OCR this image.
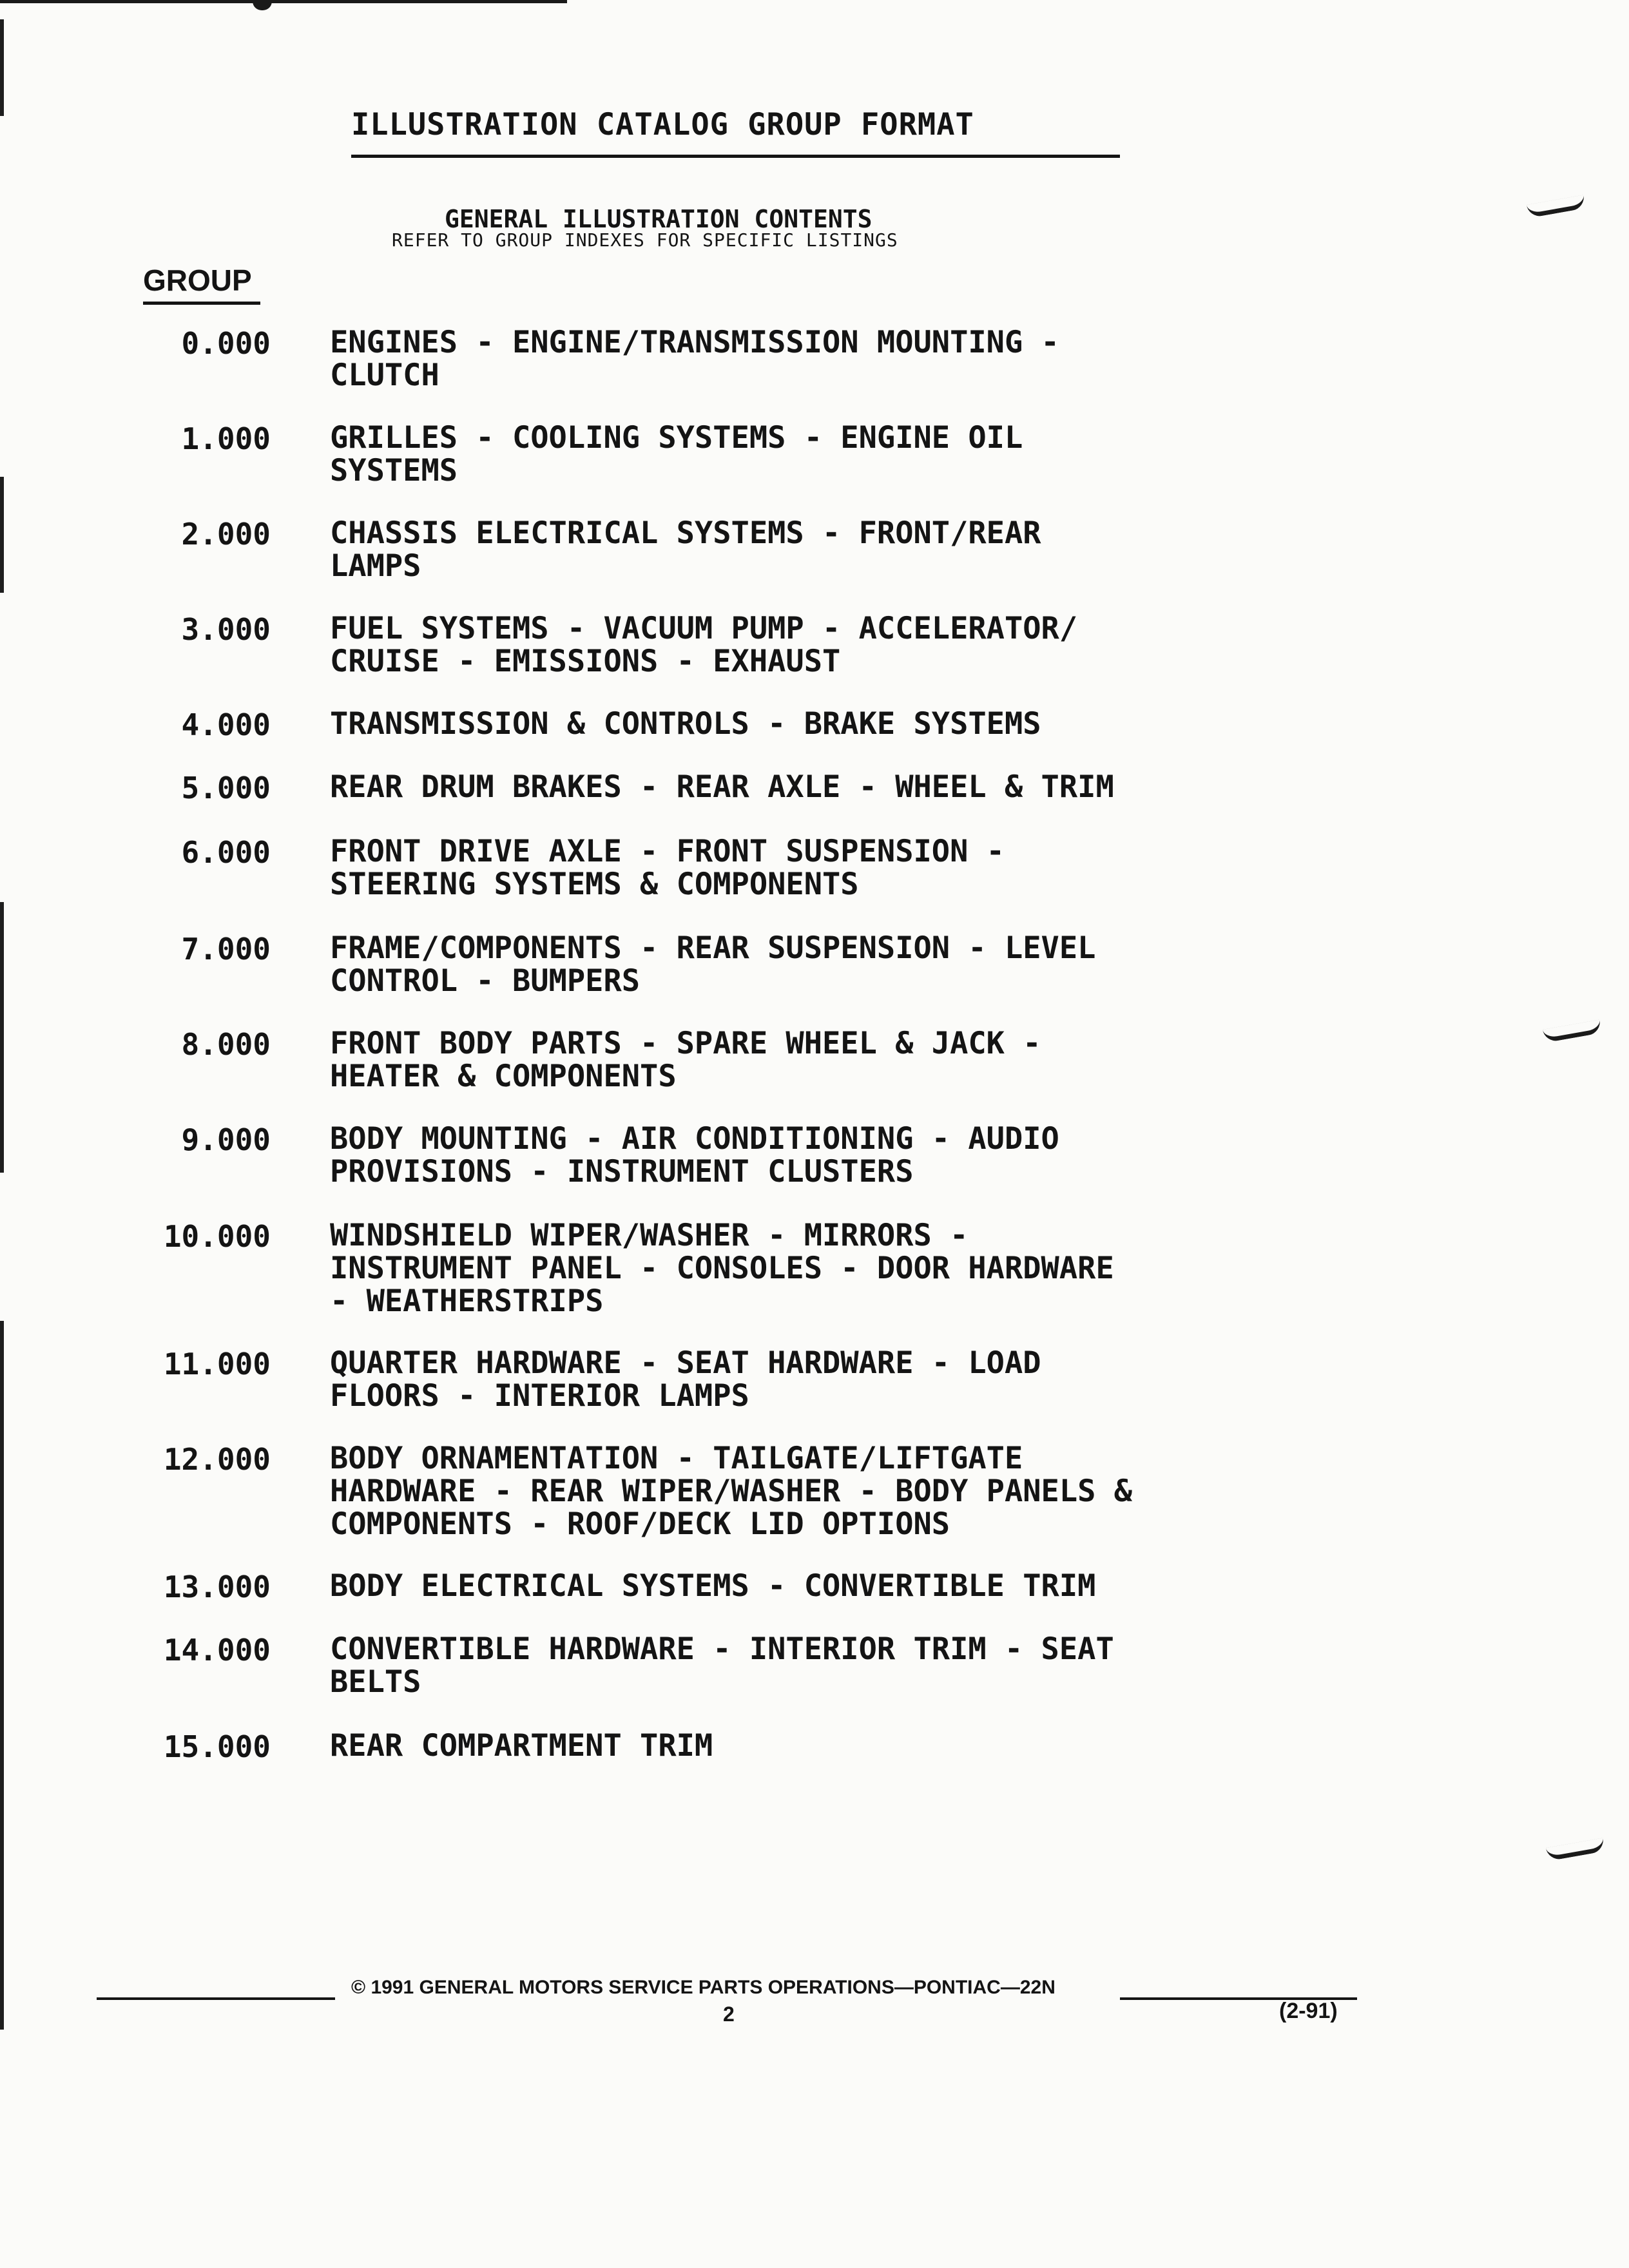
ILLUSTRATION CATALOG GROUP FORMAT
GENERAL ILLUSTRATION CONTENTS
REFER TO GROUP INDEXES FOR SPECIFIC LISTINGS
GROUP
0.000 ENGINES - ENGINE/TRANSMISSION MOUNTING -
CLUTCH
1.000 GRILLES - COOLING SYSTEMS - ENGINE OIL
SYSTEMS
2.000 CHASSIS ELECTRICAL SYSTEMS - FRONT/REAR
LAMPS
3.000 FUEL SYSTEMS - VACUUM PUMP - ACCELERATOR/
CRUISE - EMISSIONS - EXHAUST
4.000 TRANSMISSION & CONTROLS - BRAKE SYSTEMS
5.000 REAR DRUM BRAKES - REAR AXLE - WHEEL & TRIM
6.000 FRONT DRIVE AXLE - FRONT SUSPENSION -
STEERING SYSTEMS & COMPONENTS
7.000 FRAME/COMPONENTS - REAR SUSPENSION - LEVEL
CONTROL - BUMPERS
8.000 FRONT BODY PARTS - SPARE WHEEL & JACK -
HEATER & COMPONENTS
9.000 BODY MOUNTING - AIR CONDITIONING - AUDIO
PROVISIONS - INSTRUMENT CLUSTERS
10.000 WINDSHIELD WIPER/WASHER - MIRRORS -
INSTRUMENT PANEL - CONSOLES - DOOR HARDWARE
- WEATHERSTRIPS
11.000 QUARTER HARDWARE - SEAT HARDWARE - LOAD
FLOORS - INTERIOR LAMPS
12.000 BODY ORNAMENTATION - TAILGATE/LIFTGATE
HARDWARE - REAR WIPER/WASHER - BODY PANELS &
COMPONENTS - ROOF/DECK LID OPTIONS
13.000 BODY ELECTRICAL SYSTEMS - CONVERTIBLE TRIM
14.000 CONVERTIBLE HARDWARE - INTERIOR TRIM - SEAT
BELTS
15.000 REAR COMPARTMENT TRIM
© 1991 GENERAL MOTORS SERVICE PARTS OPERATIONS—PONTIAC—22N
2	(2-91)
